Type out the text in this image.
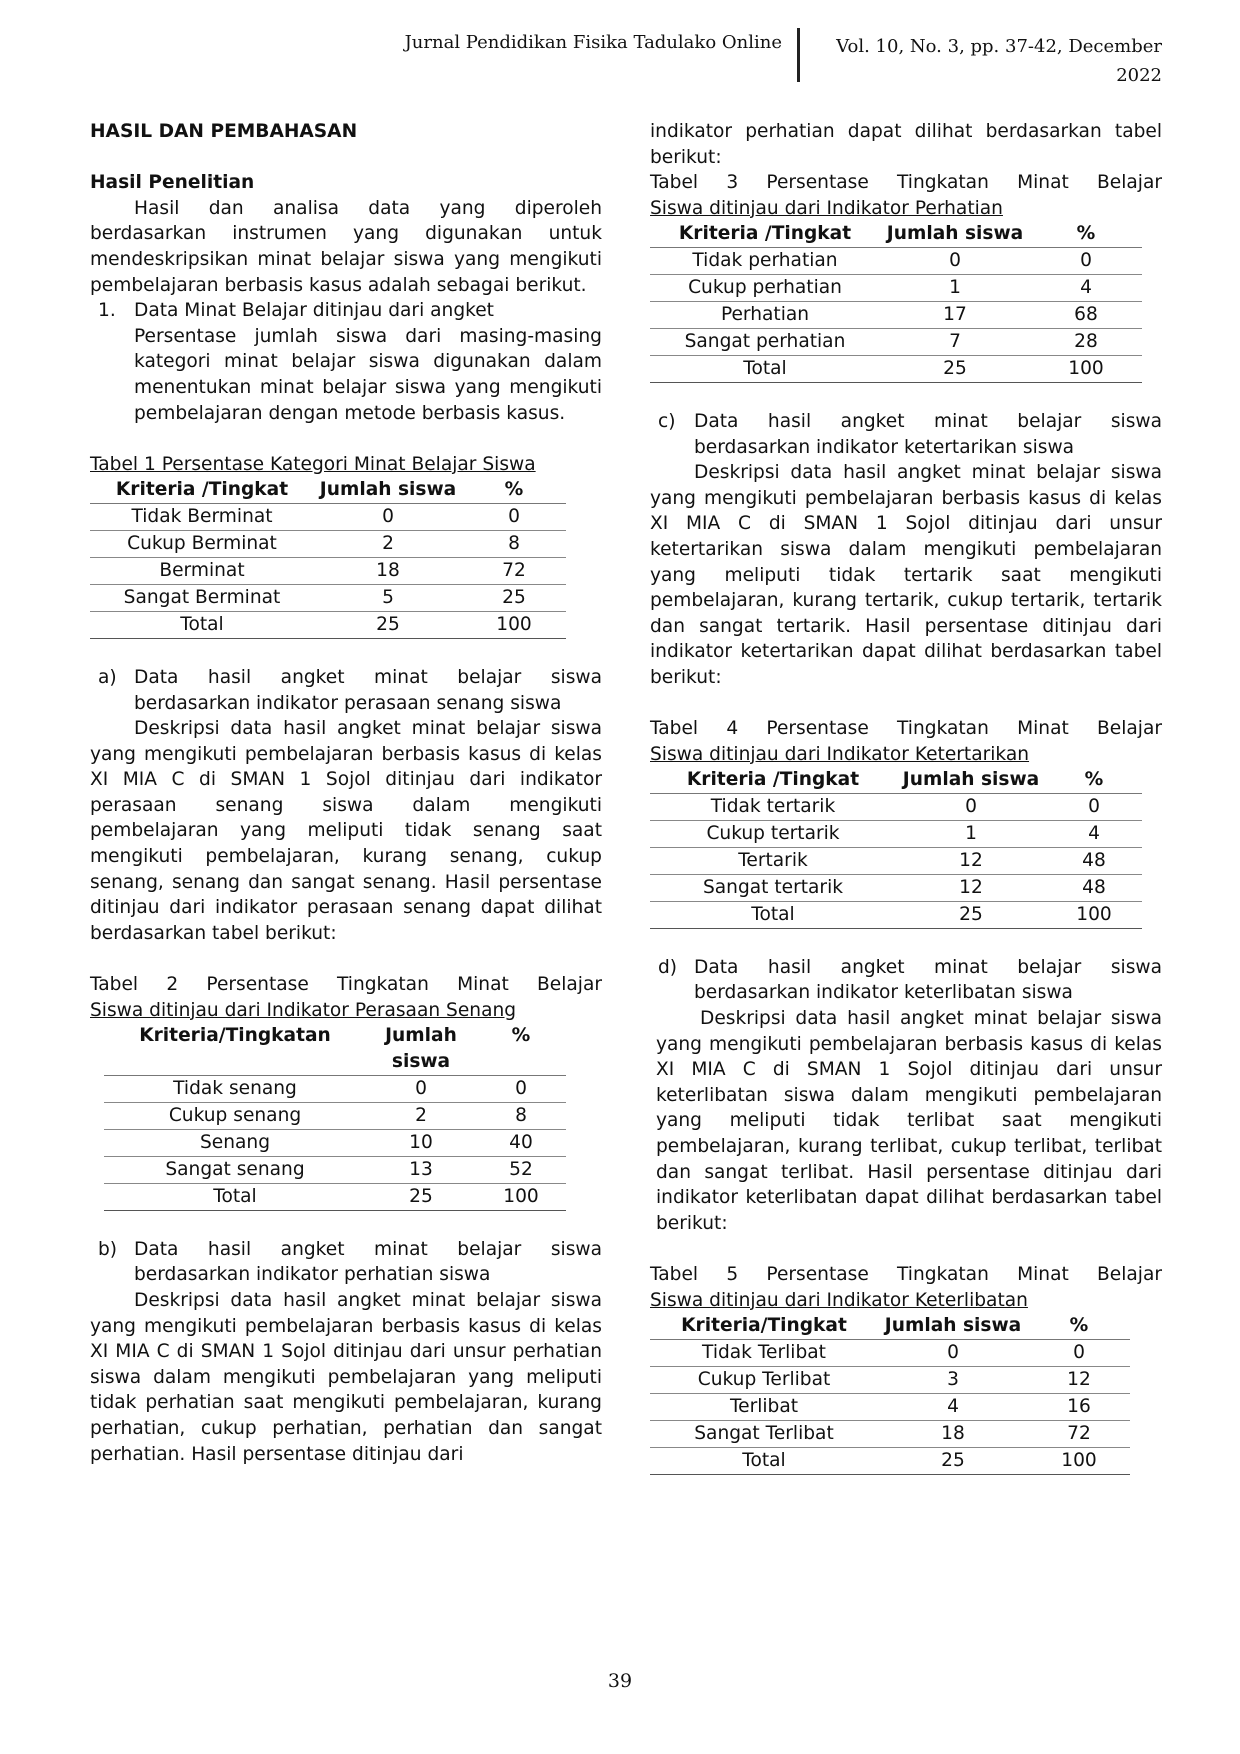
Jurnal Pendidikan Fisika Tadulako Online	Vol. 10, No. 3, pp. 37-42, December
2022

HASIL DAN PEMBAHASAN

Hasil Penelitian

Hasil dan analisa data yang diperoleh berdasarkan instrumen yang digunakan untuk mendeskripsikan minat belajar siswa yang mengikuti pembelajaran berbasis kasus adalah sebagai berikut.

1. Data Minat Belajar ditinjau dari angket

Persentase jumlah siswa dari masing-masing kategori minat belajar siswa digunakan dalam menentukan minat belajar siswa yang mengikuti pembelajaran dengan metode berbasis kasus.

Tabel 1 Persentase Kategori Minat Belajar Siswa

Kriteria /Tingkat	Jumlah siswa	%
Tidak Berminat	0	0
Cukup Berminat	2	8
Berminat	18	72
Sangat Berminat	5	25
Total	25	100
a) Data hasil angket minat belajar siswa berdasarkan indikator perasaan senang siswa

Deskripsi data hasil angket minat belajar siswa yang mengikuti pembelajaran berbasis kasus di kelas XI MIA C di SMAN 1 Sojol ditinjau dari indikator perasaan senang siswa dalam mengikuti pembelajaran yang meliputi tidak senang saat mengikuti pembelajaran, kurang senang, cukup senang, senang dan sangat senang. Hasil persentase ditinjau dari indikator perasaan senang dapat dilihat berdasarkan tabel berikut:

Tabel 2 Persentase Tingkatan Minat Belajar

Siswa ditinjau dari Indikator Perasaan Senang

Kriteria/Tingkatan	Jumlah siswa	%
Tidak senang	0	0
Cukup senang	2	8
Senang	10	40
Sangat senang	13	52
Total	25	100
b) Data hasil angket minat belajar siswa berdasarkan indikator perhatian siswa

Deskripsi data hasil angket minat belajar siswa yang mengikuti pembelajaran berbasis kasus di kelas XI MIA C di SMAN 1 Sojol ditinjau dari unsur perhatian siswa dalam mengikuti pembelajaran yang meliputi tidak perhatian saat mengikuti pembelajaran, kurang perhatian, cukup perhatian, perhatian dan sangat perhatian. Hasil persentase ditinjau dari

indikator perhatian dapat dilihat berdasarkan tabel berikut:

Tabel 3 Persentase Tingkatan Minat Belajar

Siswa ditinjau dari Indikator Perhatian

Kriteria /Tingkat	Jumlah siswa	%
Tidak perhatian	0	0
Cukup perhatian	1	4
Perhatian	17	68
Sangat perhatian	7	28
Total	25	100
c) Data hasil angket minat belajar siswa berdasarkan indikator ketertarikan siswa

Deskripsi data hasil angket minat belajar siswa yang mengikuti pembelajaran berbasis kasus di kelas XI MIA C di SMAN 1 Sojol ditinjau dari unsur ketertarikan siswa dalam mengikuti pembelajaran yang meliputi tidak tertarik saat mengikuti pembelajaran, kurang tertarik, cukup tertarik, tertarik dan sangat tertarik. Hasil persentase ditinjau dari indikator ketertarikan dapat dilihat berdasarkan tabel berikut:

Tabel 4 Persentase Tingkatan Minat Belajar

Siswa ditinjau dari Indikator Ketertarikan

Kriteria /Tingkat	Jumlah siswa	%
Tidak tertarik	0	0
Cukup tertarik	1	4
Tertarik	12	48
Sangat tertarik	12	48
Total	25	100
d) Data hasil angket minat belajar siswa berdasarkan indikator keterlibatan siswa

Deskripsi data hasil angket minat belajar siswa yang mengikuti pembelajaran berbasis kasus di kelas XI MIA C di SMAN 1 Sojol ditinjau dari unsur keterlibatan siswa dalam mengikuti pembelajaran yang meliputi tidak terlibat saat mengikuti pembelajaran, kurang terlibat, cukup terlibat, terlibat dan sangat terlibat. Hasil persentase ditinjau dari indikator keterlibatan dapat dilihat berdasarkan tabel berikut:

Tabel 5 Persentase Tingkatan Minat Belajar

Siswa ditinjau dari Indikator Keterlibatan

Kriteria/Tingkat	Jumlah siswa	%
Tidak Terlibat	0	0
Cukup Terlibat	3	12
Terlibat	4	16
Sangat Terlibat	18	72
Total	25	100
39
